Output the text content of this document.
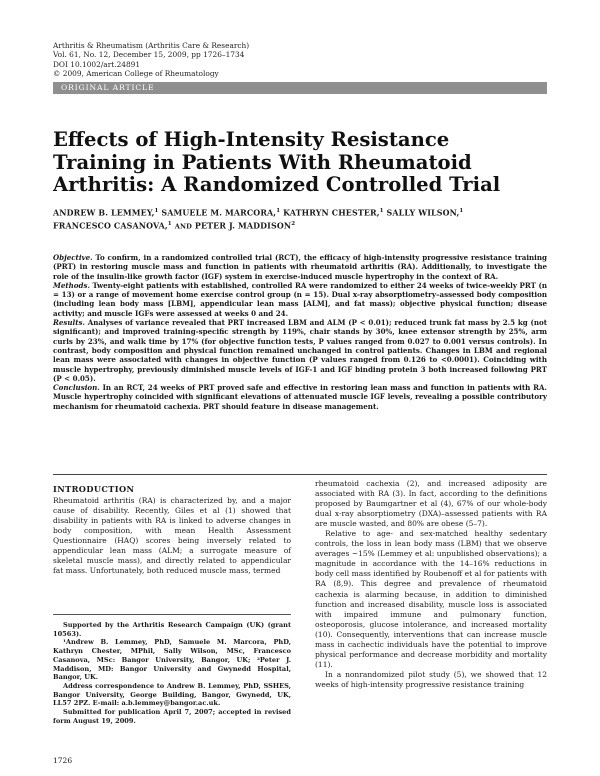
Arthritis & Rheumatism (Arthritis Care & Research)
Vol. 61, No. 12, December 15, 2009, pp 1726–1734
DOI 10.1002/art.24891
© 2009, American College of Rheumatology
ORIGINAL ARTICLE
Effects of High-Intensity Resistance Training in Patients With Rheumatoid Arthritis: A Randomized Controlled Trial
ANDREW B. LEMMEY,$^1$ SAMUELE M. MARCORA,$^1$ KATHRYN CHESTER,$^1$ SALLY WILSON,$^1$
FRANCESCO CASANOVA,$^1$ AND PETER J. MADDISON$^2$

Objective. To confirm, in a randomized controlled trial (RCT), the efficacy of high-intensity progressive resistance training (PRT) in restoring muscle mass and function in patients with rheumatoid arthritis (RA). Additionally, to investigate the role of the insulin-like growth factor (IGF) system in exercise-induced muscle hypertrophy in the context of RA.

Methods. Twenty-eight patients with established, controlled RA were randomized to either 24 weeks of twice-weekly PRT (n = 13) or a range of movement home exercise control group (n = 15). Dual x-ray absorptiometry–assessed body composition (including lean body mass [LBM], appendicular lean mass [ALM], and fat mass); objective physical function; disease activity; and muscle IGFs were assessed at weeks 0 and 24.

Results. Analyses of variance revealed that PRT increased LBM and ALM (P < 0.01); reduced trunk fat mass by 2.5 kg (not significant); and improved training-specific strength by 119%, chair stands by 30%, knee extensor strength by 25%, arm curls by 23%, and walk time by 17% (for objective function tests, P values ranged from 0.027 to 0.001 versus controls). In contrast, body composition and physical function remained unchanged in control patients. Changes in LBM and regional lean mass were associated with changes in objective function (P values ranged from 0.126 to <0.0001). Coinciding with muscle hypertrophy, previously diminished muscle levels of IGF-1 and IGF binding protein 3 both increased following PRT (P < 0.05).

Conclusion. In an RCT, 24 weeks of PRT proved safe and effective in restoring lean mass and function in patients with RA. Muscle hypertrophy coincided with significant elevations of attenuated muscle IGF levels, revealing a possible contributory mechanism for rheumatoid cachexia. PRT should feature in disease management.

INTRODUCTION

Rheumatoid arthritis (RA) is characterized by, and a major cause of disability. Recently, Giles et al (1) showed that disability in patients with RA is linked to adverse changes in body composition, with mean Health Assessment Questionnaire (HAQ) scores being inversely related to appendicular lean mass (ALM; a surrogate measure of skeletal muscle mass), and directly related to appendicular fat mass. Unfortunately, both reduced muscle mass, termed

Supported by the Arthritis Research Campaign (UK) (grant 10563).

¹Andrew B. Lemmey, PhD, Samuele M. Marcora, PhD, Kathryn Chester, MPhil, Sally Wilson, MSc, Francesco Casanova, MSc: Bangor University, Bangor, UK; ²Peter J. Maddison, MD: Bangor University and Gwynedd Hospital, Bangor, UK.

Address correspondence to Andrew B. Lemmey, PhD, SSHES, Bangor University, George Building, Bangor, Gwynedd, UK, LL57 2PZ. E-mail: a.b.lemmey@bangor.ac.uk.

Submitted for publication April 7, 2007; accepted in revised form August 19, 2009.

rheumatoid cachexia (2), and increased adiposity are associated with RA (3). In fact, according to the definitions proposed by Baumgartner et al (4), 67% of our whole-body dual x-ray absorptiometry (DXA)–assessed patients with RA are muscle wasted, and 80% are obese (5–7).

Relative to age- and sex-matched healthy sedentary controls, the loss in lean body mass (LBM) that we observe averages ~15% (Lemmey et al: unpublished observations); a magnitude in accordance with the 14–16% reductions in body cell mass identified by Roubenoff et al for patients with RA (8,9). This degree and prevalence of rheumatoid cachexia is alarming because, in addition to diminished function and increased disability, muscle loss is associated with impaired immune and pulmonary function, osteoporosis, glucose intolerance, and increased mortality (10). Consequently, interventions that can increase muscle mass in cachectic individuals have the potential to improve physical performance and decrease morbidity and mortality (11).

In a nonrandomized pilot study (5), we showed that 12 weeks of high-intensity progressive resistance training

1726
